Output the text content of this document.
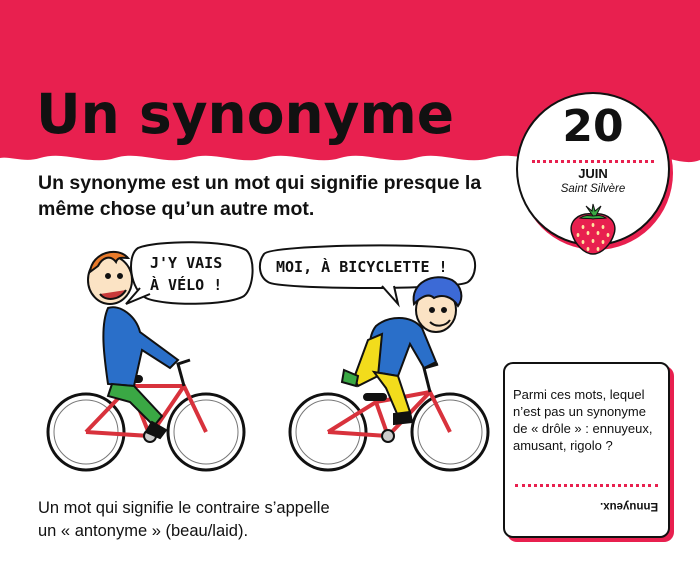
Un synonyme

Un synonyme est un mot qui signifie presque la même chose qu’un autre mot.

20
JUIN
Saint Silvère
J'Y VAIS
À VÉLO !
MOI, À BICYCLETTE !

Un mot qui signifie le contraire s’appelle
un « antonyme » (beau/laid).

Parmi ces mots, lequel n’est pas un synonyme de « drôle » : ennuyeux, amusant, rigolo ?

Ennuyeux.
